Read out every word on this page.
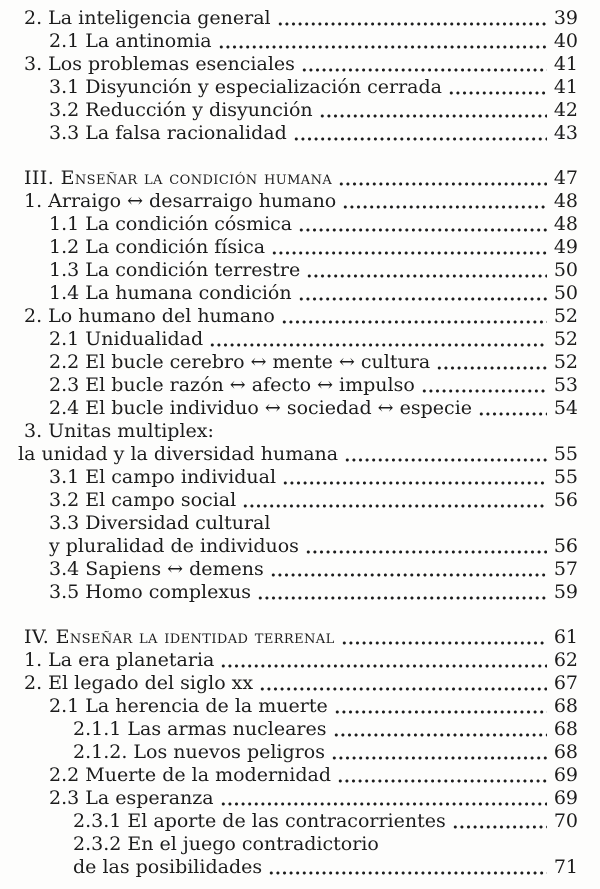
2. La inteligencia general	39
2.1 La antinomia	40
3. Los problemas esenciales	41
3.1 Disyunción y especialización cerrada	41
3.2 Reducción y disyunción	42
3.3 La falsa racionalidad	43
III. Enseñar la condición humana	47
1. Arraigo ↔ desarraigo humano	48
1.1 La condición cósmica	48
1.2 La condición física	49
1.3 La condición terrestre	50
1.4 La humana condición	50
2. Lo humano del humano	52
2.1 Unidualidad	52
2.2 El bucle cerebro ↔ mente ↔ cultura	52
2.3 El bucle razón ↔ afecto ↔ impulso	53
2.4 El bucle individuo ↔ sociedad ↔ especie	54
3. Unitas multiplex:
la unidad y la diversidad humana	55
3.1 El campo individual	55
3.2 El campo social	56
3.3 Diversidad cultural
y pluralidad de individuos	56
3.4 Sapiens ↔ demens	57
3.5 Homo complexus	59
IV. Enseñar la identidad terrenal	61
1. La era planetaria	62
2. El legado del siglo xx	67
2.1 La herencia de la muerte	68
2.1.1 Las armas nucleares	68
2.1.2. Los nuevos peligros	68
2.2 Muerte de la modernidad	69
2.3 La esperanza	69
2.3.1 El aporte de las contracorrientes	70
2.3.2 En el juego contradictorio
de las posibilidades	71
